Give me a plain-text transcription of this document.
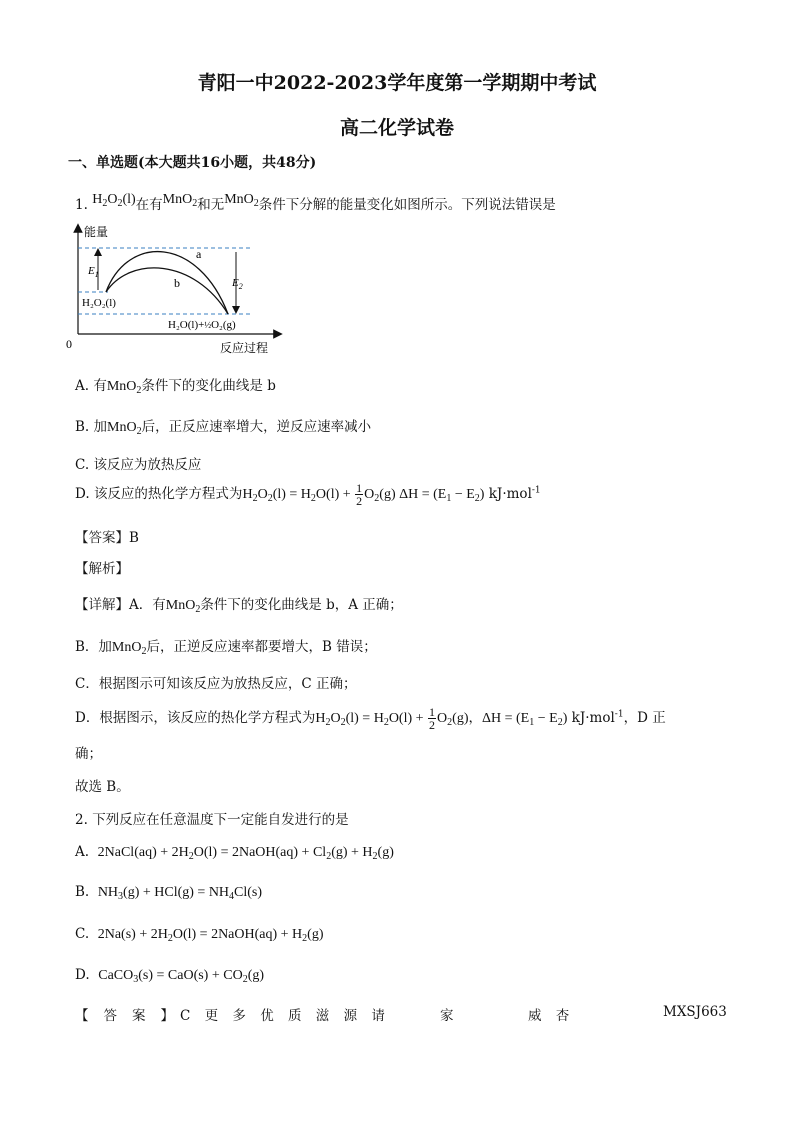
青阳一中2022-2023学年度第一学期期中考试
高二化学试卷
一、单选题(本大题共16小题，共48分)
1. $H_2O_2(l)$在有MnO$_2$和无MnO$_2$条件下分解的能量变化如图所示。下列说法错误是
能量
0	反应过程
a
b
$E_1$
$E_2$
H₂O₂(l)
H₂O(l)+½O₂(g)
A. 有MnO$_2$条件下的变化曲线是 b
B. 加MnO$_2$后，正反应速率增大，逆反应速率减小
C. 该反应为放热反应
D. 该反应的热化学方程式为$H_2O_2(l) = H_2O(l) + \frac{1}{2} O_2(g) \Delta H = (E_1 - E_2)$ kJ·mol$^{-1}$
【答案】B
【解析】
【详解】A．有MnO$_2$条件下的变化曲线是 b，A 正确；
B．加MnO$_2$后，正逆反应速率都要增大，B 错误；
C．根据图示可知该反应为放热反应，C 正确；
D．根据图示，该反应的热化学方程式为$H_2O_2(l) = H_2O(l) + \frac{1}{2} O_2(g)$，$\Delta H = (E_1 - E_2)$ kJ·mol$^{-1}$，D 正
确；
故选 B。
2. 下列反应在任意温度下一定能自发进行的是
A. 2NaCl(aq) + $2H_2O(l)$ = 2NaOH(aq) + $Cl_2(g) + H_2(g)$
B. $NH_3(g) + HCl(g) = NH_4Cl(s)$
C. $2Na(s) + 2H_2O(l)$ = 2NaOH(aq) + $H_2(g)$
D. CaCO$_3$(s) = $CaO(s) + CO_2(g)$
【答案】
C 更 多 优 质 滋 源 请	家	威 杏	MXSJ663
